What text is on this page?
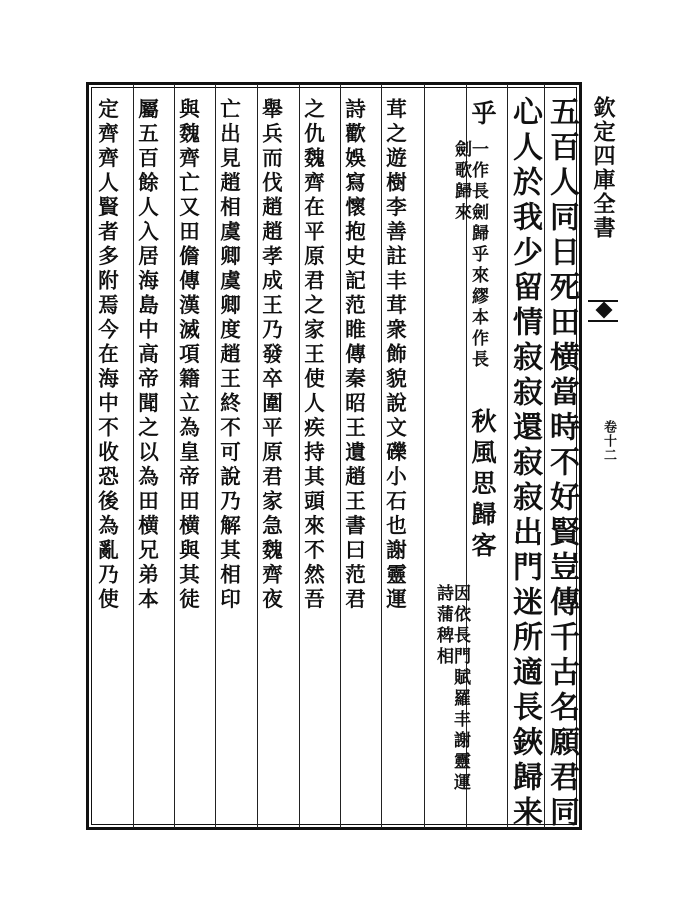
欽定四庫全書
卷十二
五百人同日死田横當時不好賢豈傳千古名願君同
心人於我少留情寂寂還寂寂出門迷所適長鋏歸来
乎
一作長劍歸乎來繆本作長劍歌歸來
秋風思歸客
因依長門賦羅丰謝靈運詩蒲稗相
茸之遊樹李善註丰茸衆飾貌說文礫小石也謝靈運
詩歡娛寫懷抱史記范睢傳秦昭王遺趙王書曰范君
之仇魏齊在平原君之家王使人疾持其頭來不然吾
舉兵而伐趙趙孝成王乃發卒圍平原君家急魏齊夜
亡出見趙相虞卿虞卿度趙王終不可說乃解其相印
與魏齊亡又田儋傳漢滅項籍立為皇帝田横與其徒
屬五百餘人入居海島中高帝聞之以為田横兄弟本
定齊齊人賢者多附焉今在海中不收恐後為亂乃使
